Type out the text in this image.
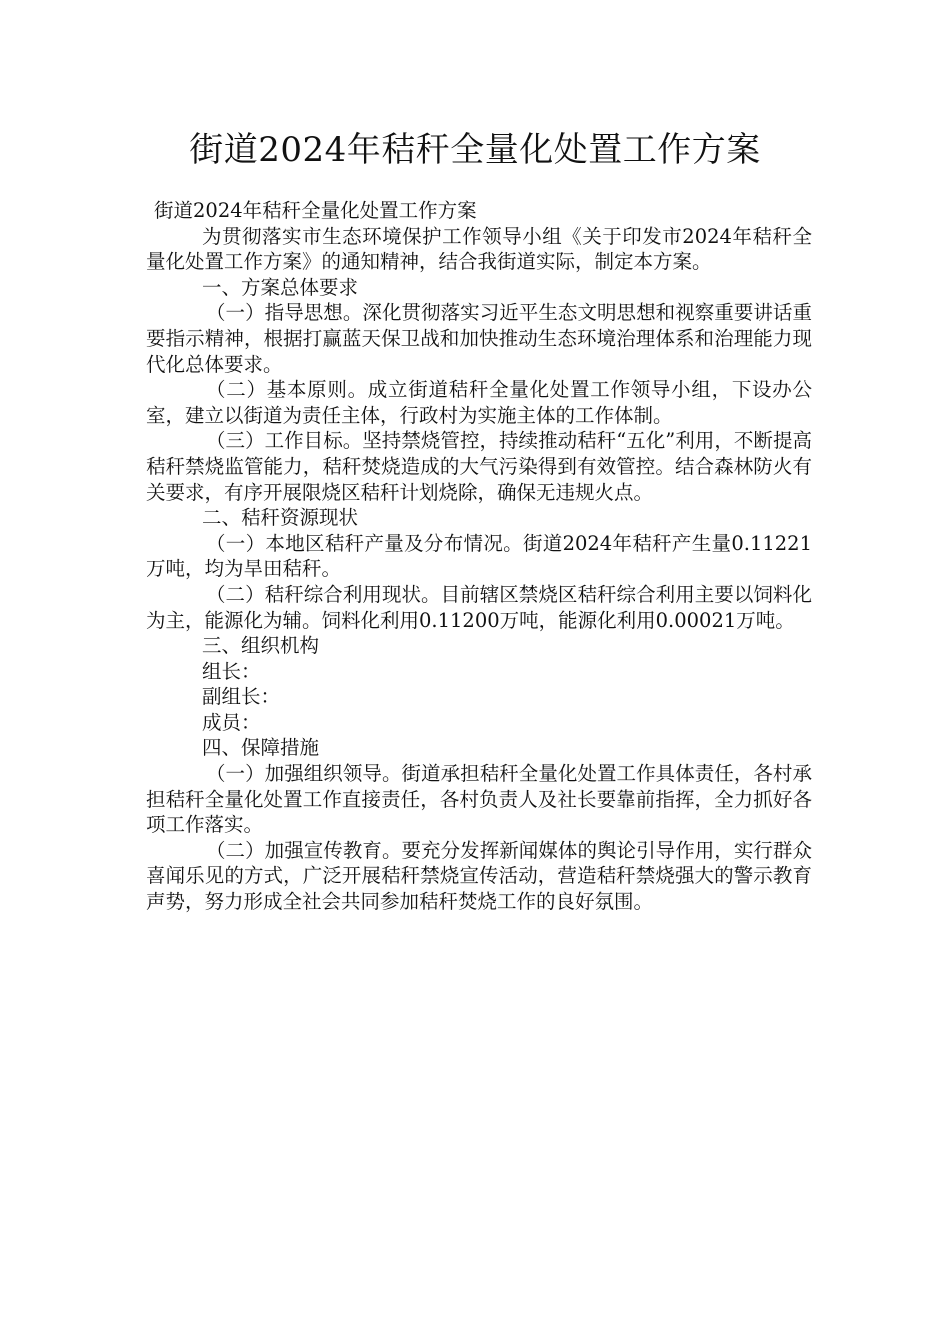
街道2024年秸秆全量化处置工作方案

街道2024年秸秆全量化处置工作方案

为贯彻落实市生态环境保护工作领导小组《关于印发市2024年秸秆全量化处置工作方案》的通知精神，结合我街道实际，制定本方案。

一、方案总体要求

（一）指导思想。深化贯彻落实习近平生态文明思想和视察重要讲话重要指示精神，根据打赢蓝天保卫战和加快推动生态环境治理体系和治理能力现代化总体要求。

（二）基本原则。成立街道秸秆全量化处置工作领导小组，下设办公室，建立以街道为责任主体，行政村为实施主体的工作体制。

（三）工作目标。坚持禁烧管控，持续推动秸秆“五化”利用，不断提高秸秆禁烧监管能力，秸秆焚烧造成的大气污染得到有效管控。结合森林防火有关要求，有序开展限烧区秸秆计划烧除，确保无违规火点。

二、秸秆资源现状

（一）本地区秸秆产量及分布情况。街道2024年秸秆产生量0.11221万吨，均为旱田秸秆。

（二）秸秆综合利用现状。目前辖区禁烧区秸秆综合利用主要以饲料化为主，能源化为辅。饲料化利用0.11200万吨，能源化利用0.00021万吨。

三、组织机构

组长：

副组长：

成员：

四、保障措施

（一）加强组织领导。街道承担秸秆全量化处置工作具体责任，各村承担秸秆全量化处置工作直接责任，各村负责人及社长要靠前指挥，全力抓好各项工作落实。

（二）加强宣传教育。要充分发挥新闻媒体的舆论引导作用，实行群众喜闻乐见的方式，广泛开展秸秆禁烧宣传活动，营造秸秆禁烧强大的警示教育声势，努力形成全社会共同参加秸秆焚烧工作的良好氛围。
